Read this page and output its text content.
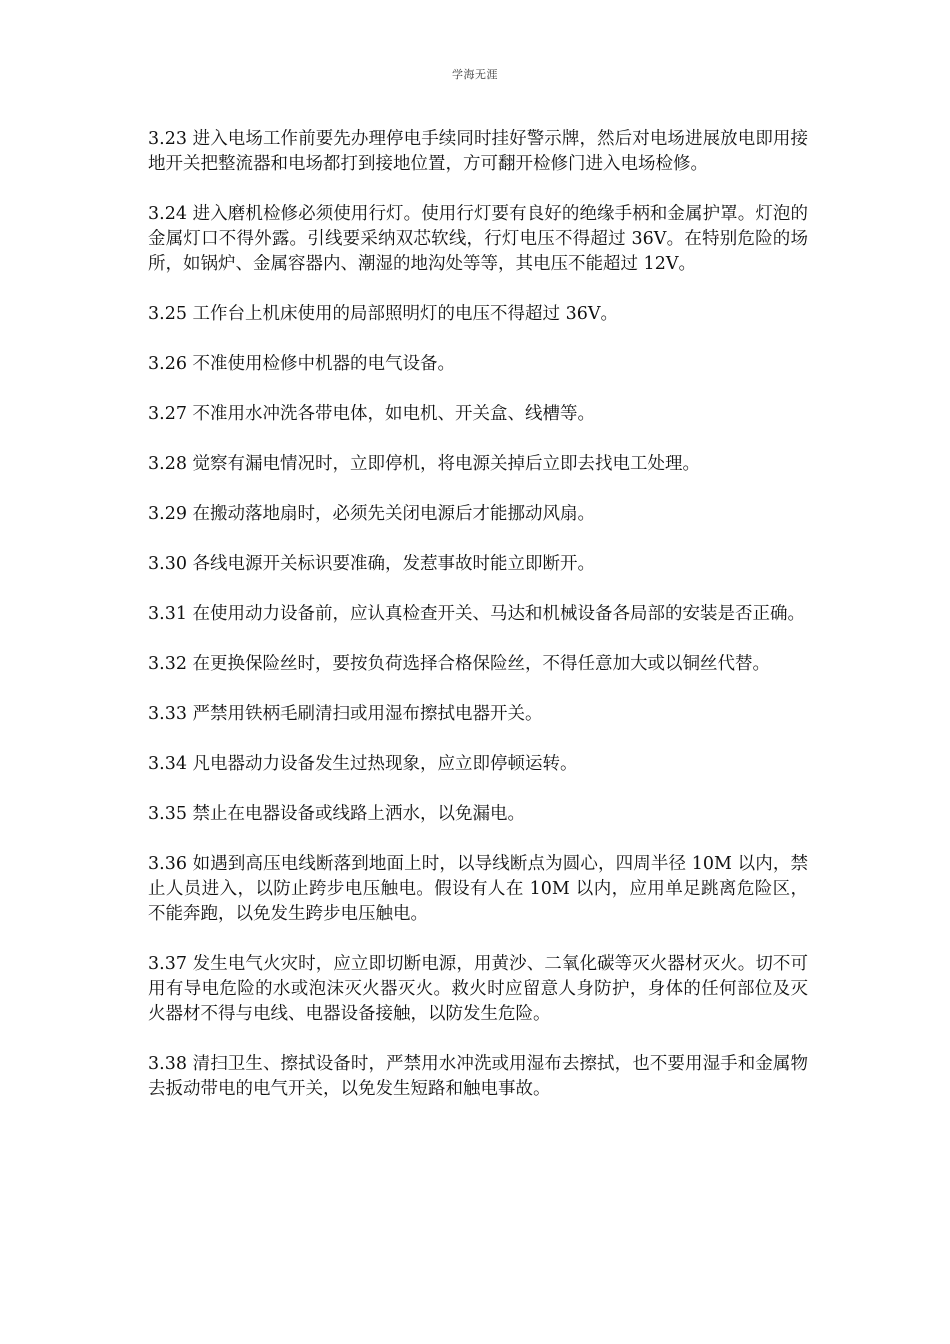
学海无涯

3.23 进入电场工作前要先办理停电手续同时挂好警示牌，然后对电场进展放电即用接地开关把整流器和电场都打到接地位置，方可翻开检修门进入电场检修。

3.24 进入磨机检修必须使用行灯。使用行灯要有良好的绝缘手柄和金属护罩。灯泡的金属灯口不得外露。引线要采纳双芯软线，行灯电压不得超过 36V。在特别危险的场所，如锅炉、金属容器内、潮湿的地沟处等等，其电压不能超过 12V。

3.25 工作台上机床使用的局部照明灯的电压不得超过 36V。

3.26 不准使用检修中机器的电气设备。

3.27 不准用水冲洗各带电体，如电机、开关盒、线槽等。

3.28 觉察有漏电情况时，立即停机，将电源关掉后立即去找电工处理。

3.29 在搬动落地扇时，必须先关闭电源后才能挪动风扇。

3.30 各线电源开关标识要准确，发惹事故时能立即断开。

3.31 在使用动力设备前，应认真检查开关、马达和机械设备各局部的安装是否正确。

3.32 在更换保险丝时，要按负荷选择合格保险丝，不得任意加大或以铜丝代替。

3.33 严禁用铁柄毛刷清扫或用湿布擦拭电器开关。

3.34 凡电器动力设备发生过热现象，应立即停顿运转。

3.35 禁止在电器设备或线路上洒水，以免漏电。

3.36 如遇到高压电线断落到地面上时，以导线断点为圆心，四周半径 10M 以内，禁止人员进入，以防止跨步电压触电。假设有人在 10M 以内，应用单足跳离危险区，不能奔跑，以免发生跨步电压触电。

3.37 发生电气火灾时，应立即切断电源，用黄沙、二氧化碳等灭火器材灭火。切不可用有导电危险的水或泡沫灭火器灭火。救火时应留意人身防护，身体的任何部位及灭火器材不得与电线、电器设备接触，以防发生危险。

3.38 清扫卫生、擦拭设备时，严禁用水冲洗或用湿布去擦拭，也不要用湿手和金属物去扳动带电的电气开关，以免发生短路和触电事故。
